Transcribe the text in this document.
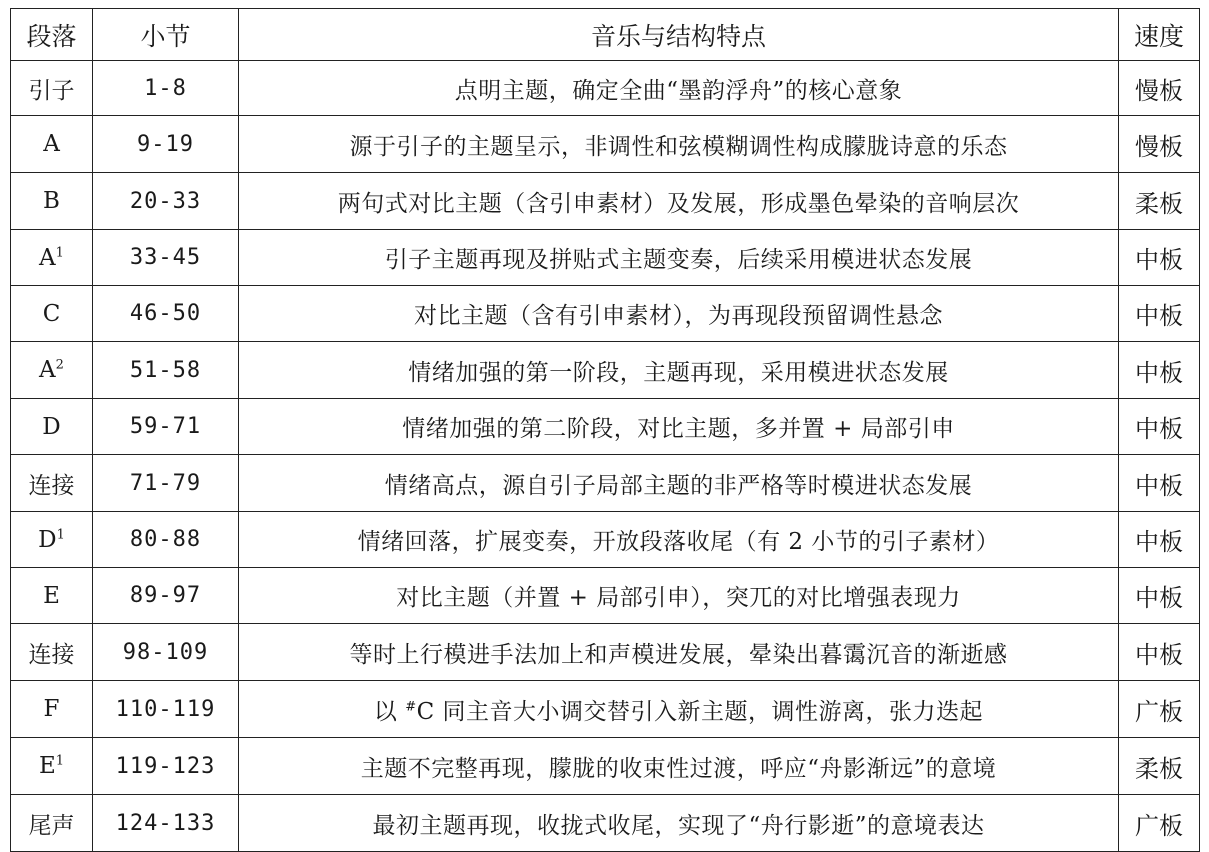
段落	小节	音乐与结构特点	速度
引子	1-8	点明主题，确定全曲“墨韵浮舟”的核心意象	慢板
A	9-19	源于引子的主题呈示，非调性和弦模糊调性构成朦胧诗意的乐态	慢板
B	20-33	两句式对比主题（含引申素材）及发展，形成墨色晕染的音响层次	柔板
$A^1$	33-45	引子主题再现及拼贴式主题变奏，后续采用模进状态发展	中板
C	46-50	对比主题（含有引申素材），为再现段预留调性悬念	中板
$A^2$	51-58	情绪加强的第一阶段，主题再现，采用模进状态发展	中板
D	59-71	情绪加强的第二阶段，对比主题，多并置 + 局部引申	中板
连接	71-79	情绪高点，源自引子局部主题的非严格等时模进状态发展	中板
$D^1$	80-88	情绪回落，扩展变奏，开放段落收尾（有 2 小节的引子素材）	中板
E	89-97	对比主题（并置 + 局部引申），突兀的对比增强表现力	中板
连接	98-109	等时上行模进手法加上和声模进发展，晕染出暮霭沉音的渐逝感	中板
F	110-119	以 #C 同主音大小调交替引入新主题，调性游离，张力迭起	广板
$E^1$	119-123	主题不完整再现，朦胧的收束性过渡，呼应“舟影渐远”的意境	柔板
尾声	124-133	最初主题再现，收拢式收尾，实现了“舟行影逝”的意境表达	广板
